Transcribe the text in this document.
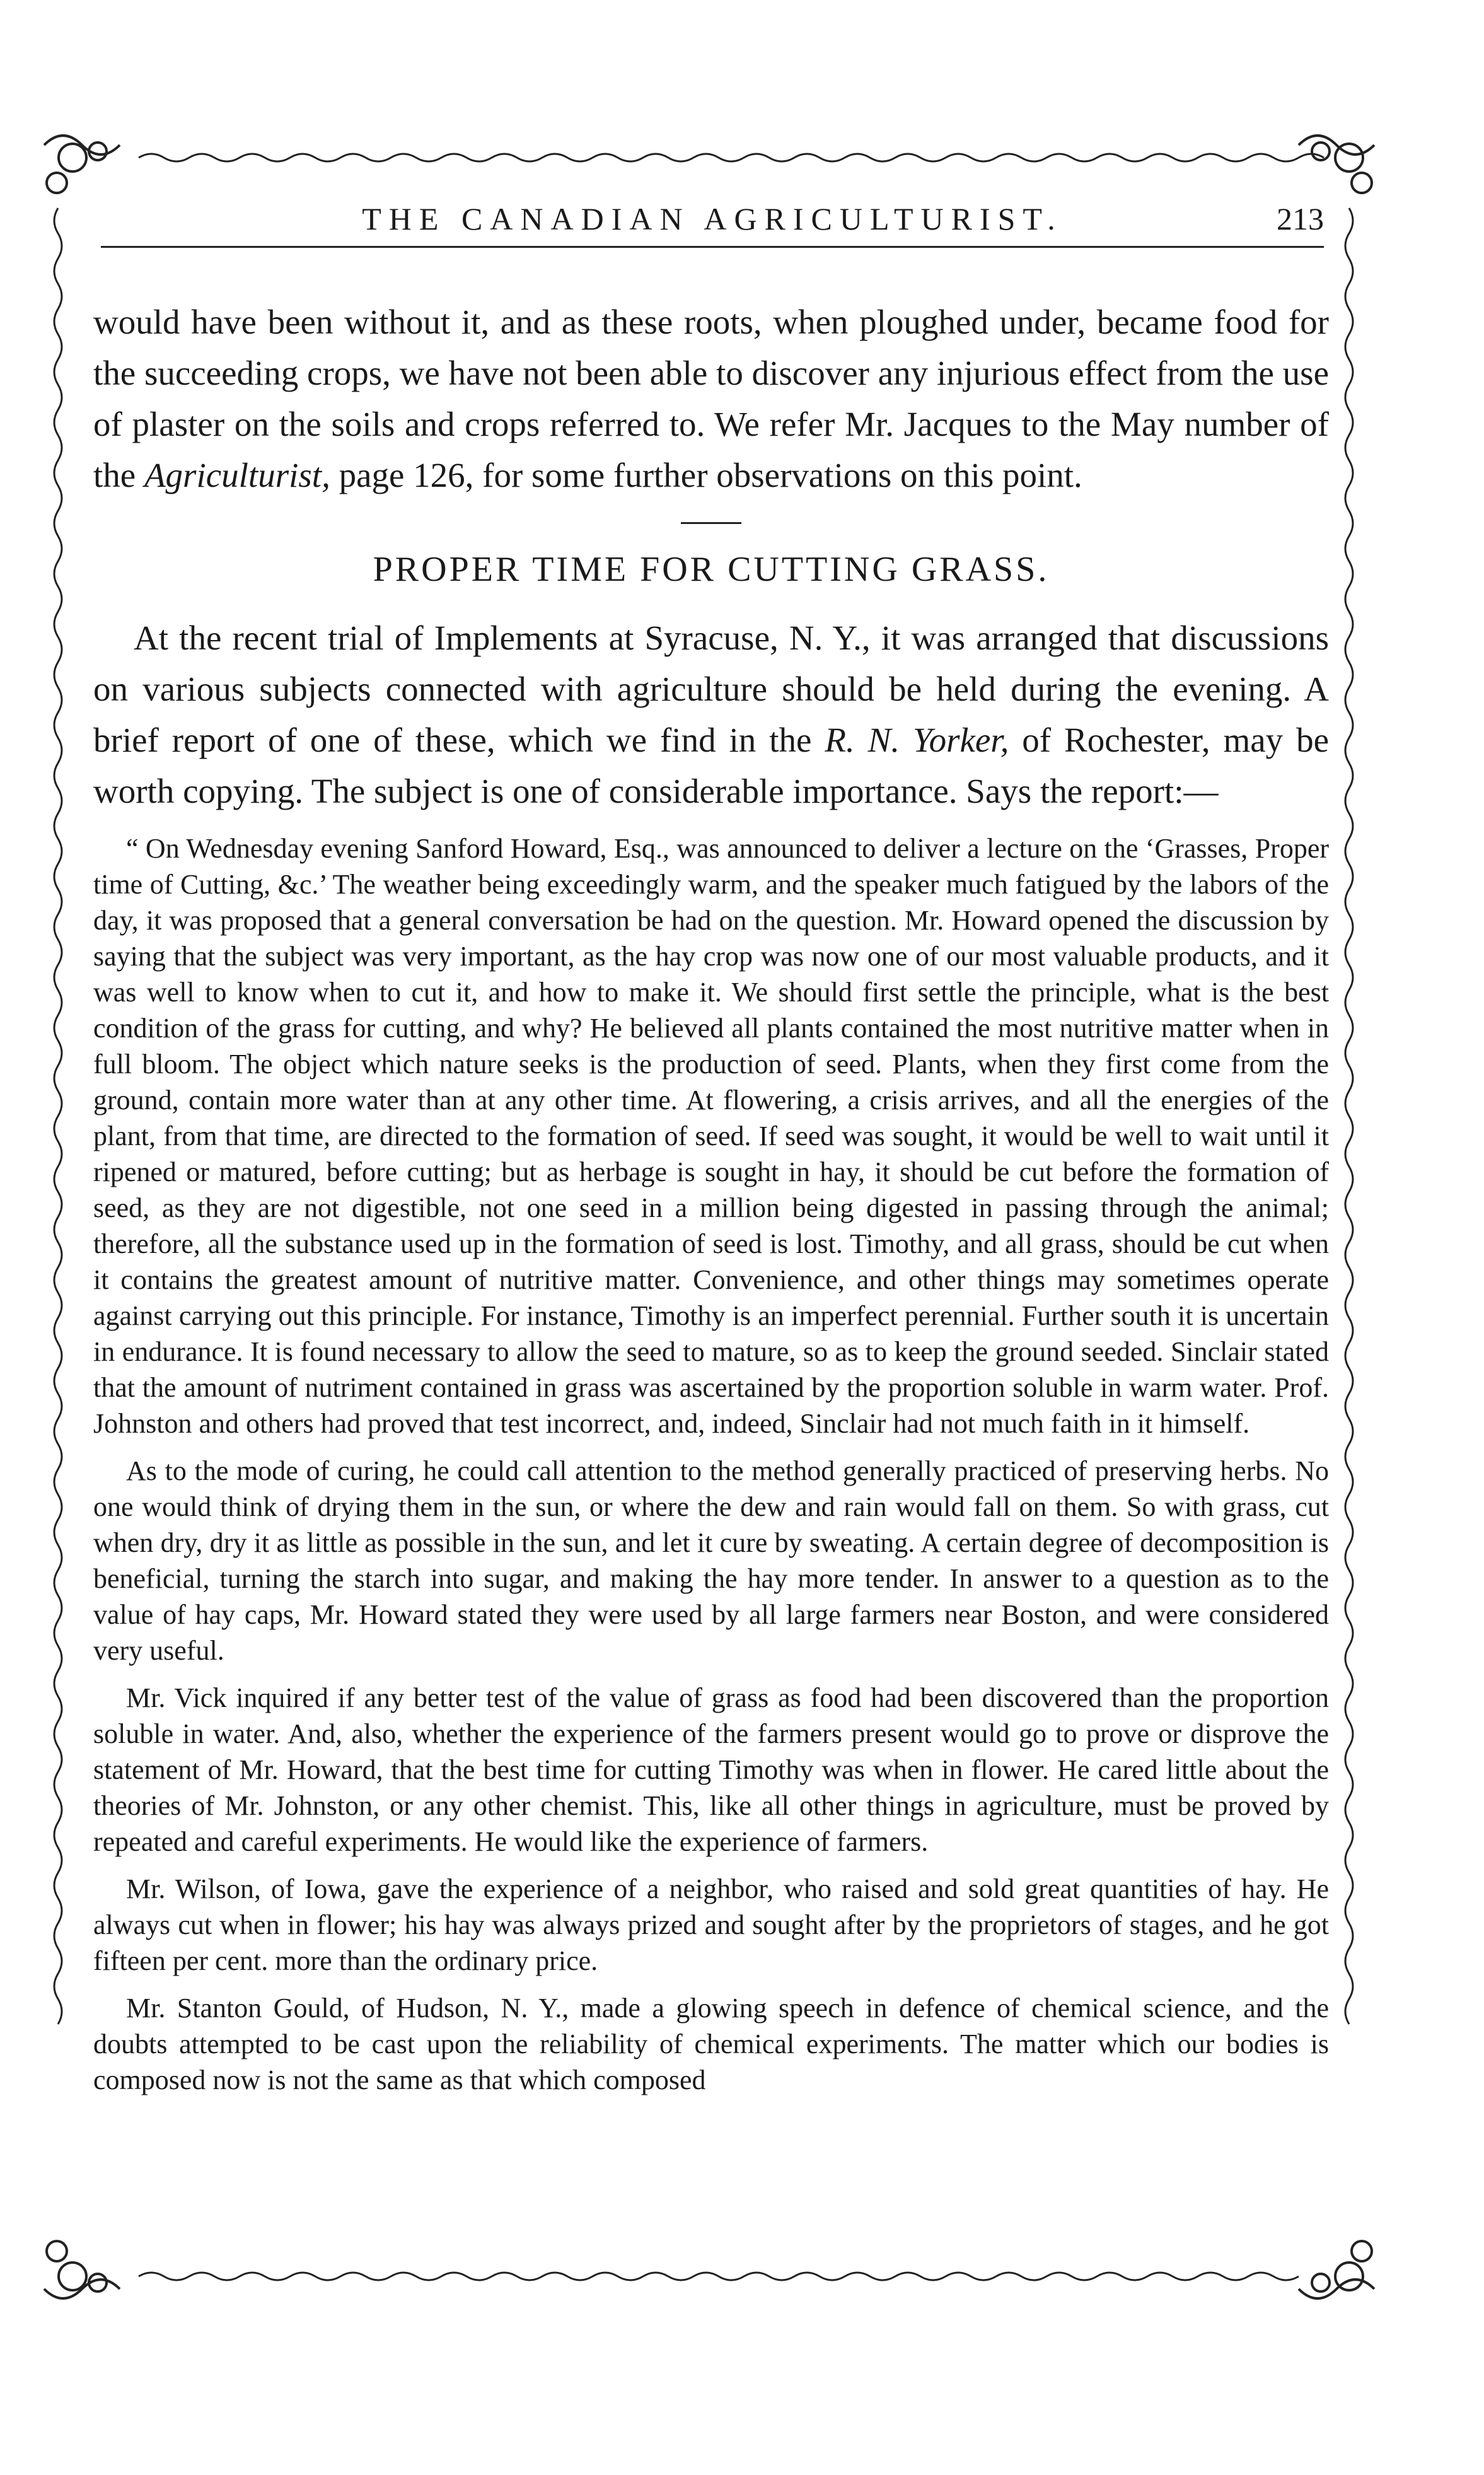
THE CANADIAN AGRICULTURIST.	213

would have been without it, and as these roots, when ploughed under, became food for the succeeding crops, we have not been able to discover any injurious effect from the use of plaster on the soils and crops referred to. We refer Mr. Jacques to the May number of the Agriculturist, page 126, for some further observations on this point.

PROPER TIME FOR CUTTING GRASS.

At the recent trial of Implements at Syracuse, N. Y., it was arranged that discussions on various subjects connected with agriculture should be held during the evening. A brief report of one of these, which we find in the R. N. Yorker, of Rochester, may be worth copying. The subject is one of considerable importance. Says the report:—

“ On Wednesday evening Sanford Howard, Esq., was announced to deliver a lecture on the ‘Grasses, Proper time of Cutting, &c.’ The weather being exceedingly warm, and the speaker much fatigued by the labors of the day, it was proposed that a general conversation be had on the question. Mr. Howard opened the discussion by saying that the subject was very important, as the hay crop was now one of our most valuable products, and it was well to know when to cut it, and how to make it. We should first settle the principle, what is the best condition of the grass for cutting, and why? He believed all plants contained the most nutritive matter when in full bloom. The object which nature seeks is the production of seed. Plants, when they first come from the ground, contain more water than at any other time. At flowering, a crisis arrives, and all the energies of the plant, from that time, are directed to the formation of seed. If seed was sought, it would be well to wait until it ripened or matured, before cutting; but as herbage is sought in hay, it should be cut before the formation of seed, as they are not digestible, not one seed in a million being digested in passing through the animal; therefore, all the substance used up in the formation of seed is lost. Timothy, and all grass, should be cut when it contains the greatest amount of nutritive matter. Convenience, and other things may sometimes operate against carrying out this principle. For instance, Timothy is an imperfect perennial. Further south it is uncertain in endurance. It is found necessary to allow the seed to mature, so as to keep the ground seeded. Sinclair stated that the amount of nutriment contained in grass was ascertained by the proportion soluble in warm water. Prof. Johnston and others had proved that test incorrect, and, indeed, Sinclair had not much faith in it himself.

As to the mode of curing, he could call attention to the method generally practiced of preserving herbs. No one would think of drying them in the sun, or where the dew and rain would fall on them. So with grass, cut when dry, dry it as little as possible in the sun, and let it cure by sweating. A certain degree of decomposition is beneficial, turning the starch into sugar, and making the hay more tender. In answer to a question as to the value of hay caps, Mr. Howard stated they were used by all large farmers near Boston, and were considered very useful.

Mr. Vick inquired if any better test of the value of grass as food had been discovered than the proportion soluble in water. And, also, whether the experience of the farmers present would go to prove or disprove the statement of Mr. Howard, that the best time for cutting Timothy was when in flower. He cared little about the theories of Mr. Johnston, or any other chemist. This, like all other things in agriculture, must be proved by repeated and careful experiments. He would like the experience of farmers.

Mr. Wilson, of Iowa, gave the experience of a neighbor, who raised and sold great quantities of hay. He always cut when in flower; his hay was always prized and sought after by the proprietors of stages, and he got fifteen per cent. more than the ordinary price.

Mr. Stanton Gould, of Hudson, N. Y., made a glowing speech in defence of chemical science, and the doubts attempted to be cast upon the reliability of chemical experiments. The matter which our bodies is composed now is not the same as that which composed
